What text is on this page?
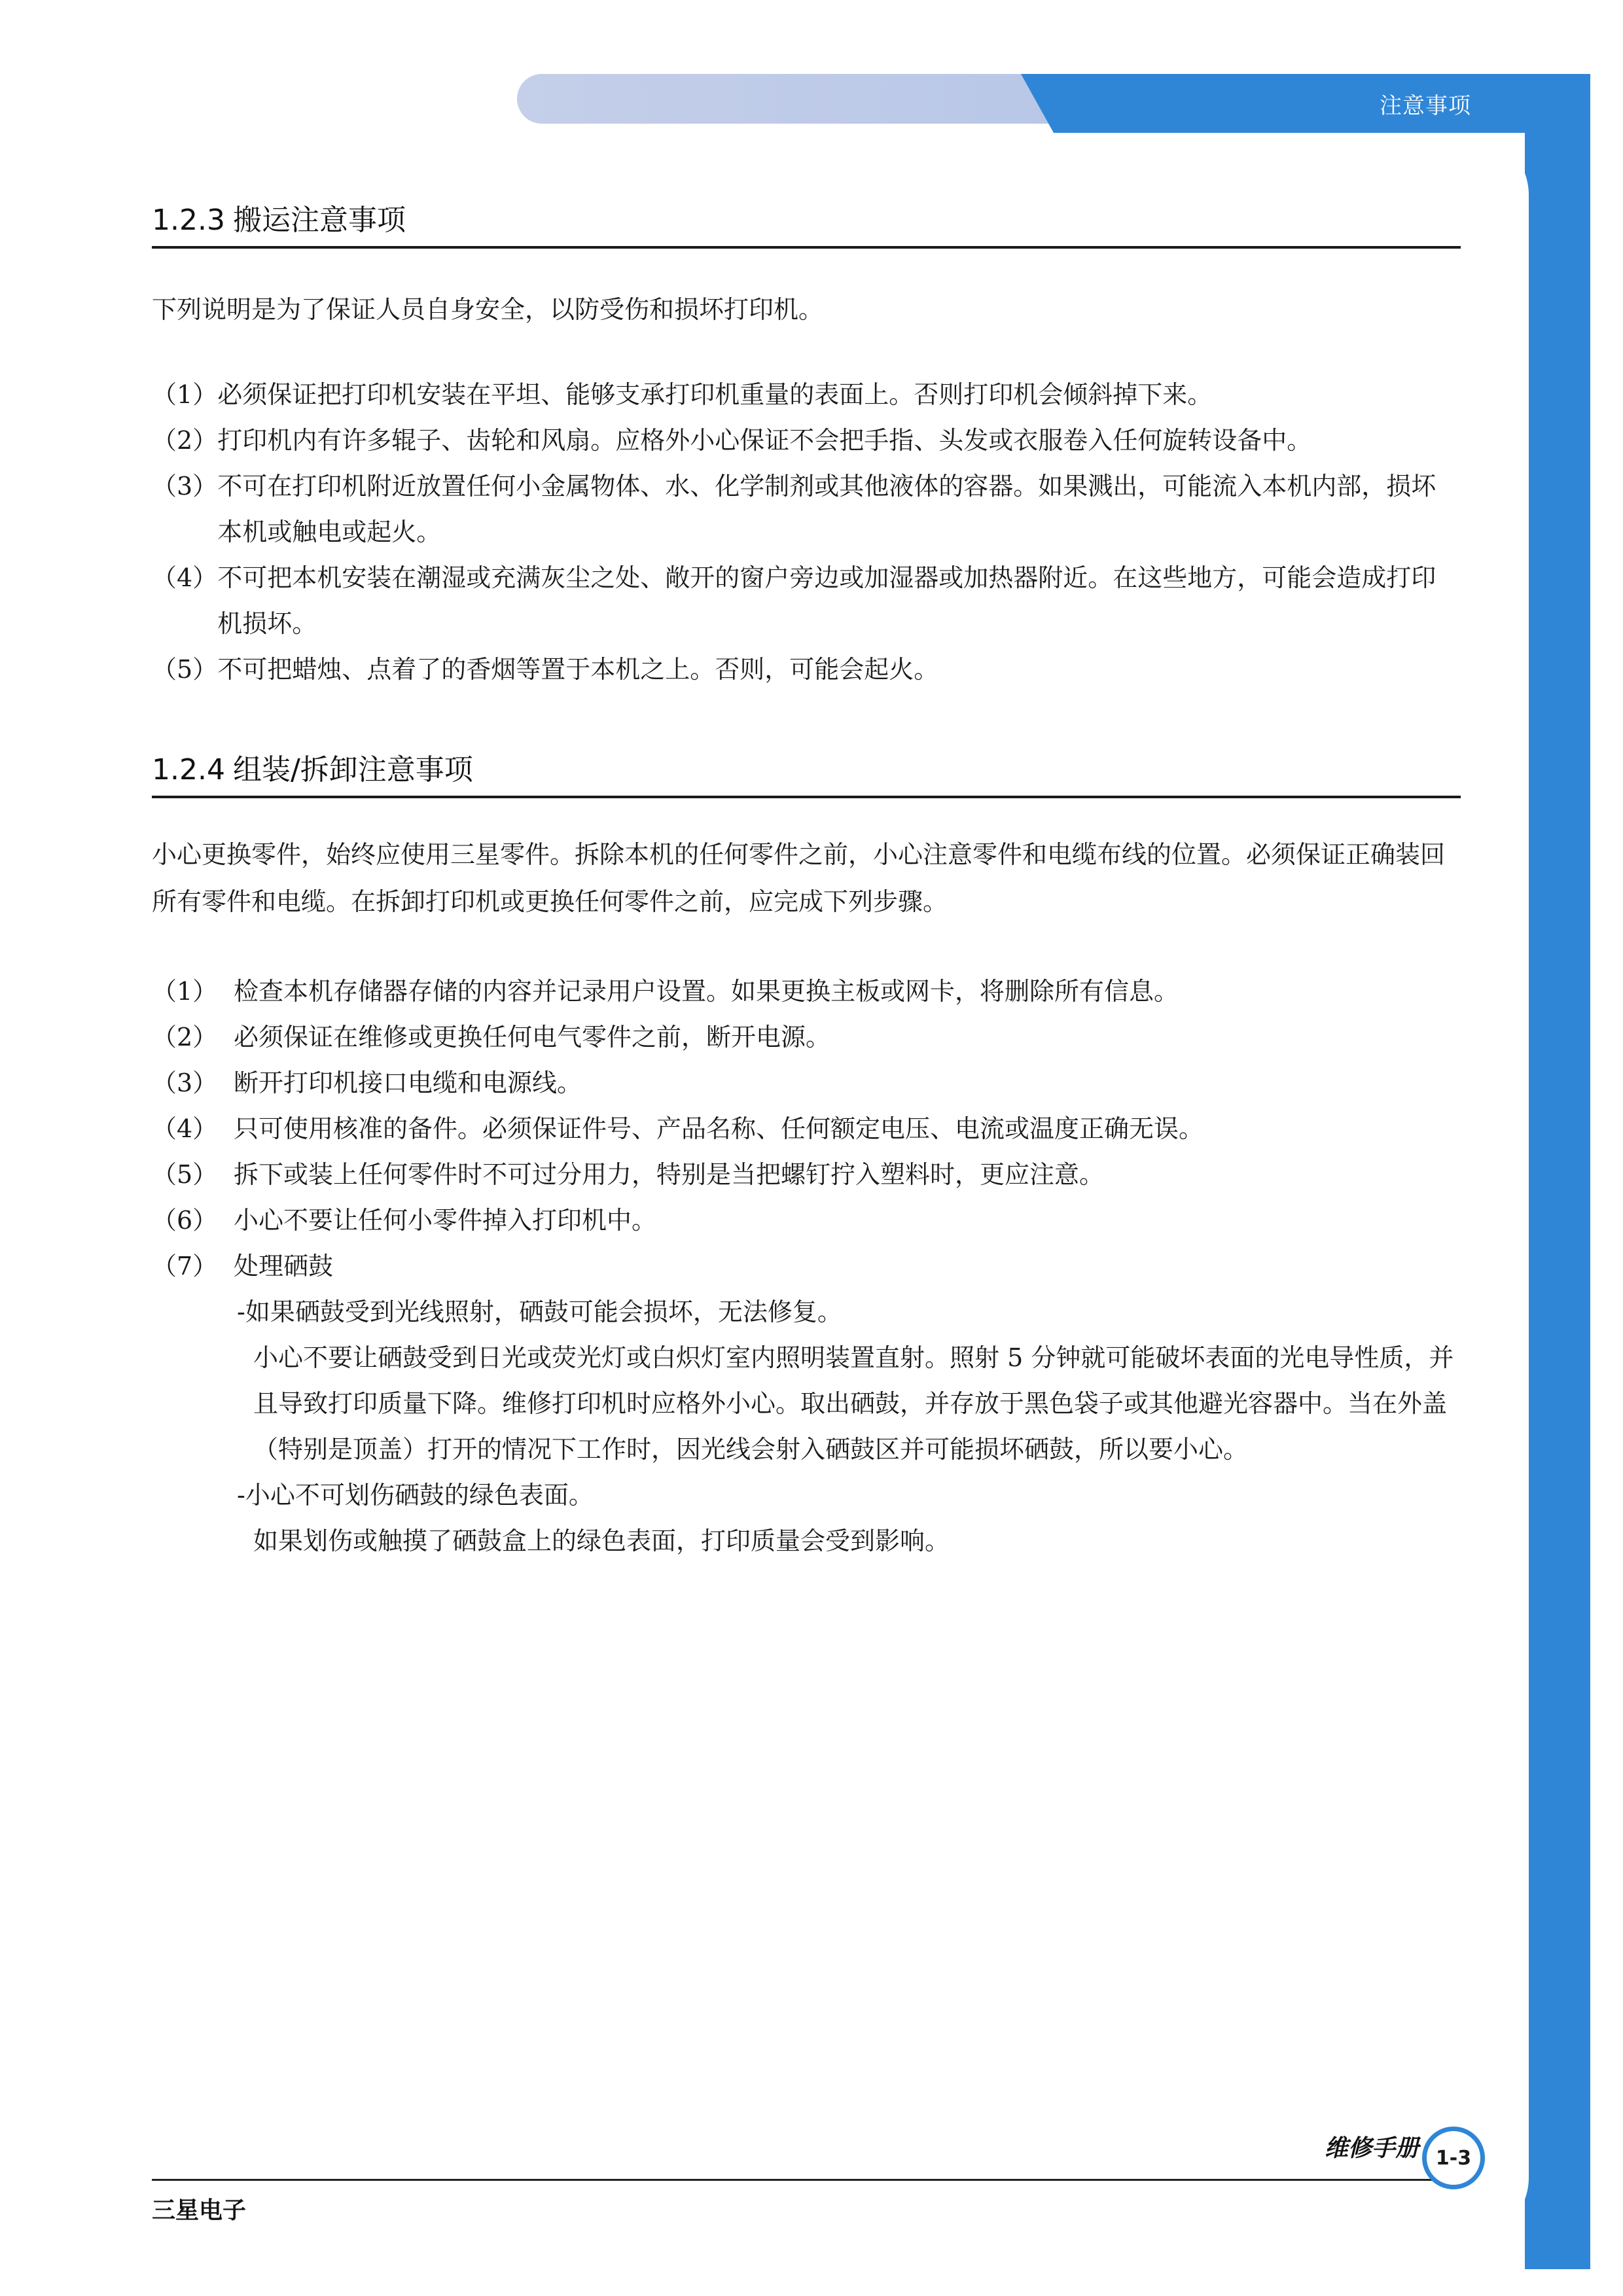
注意事项
1.2.3 搬运注意事项

下列说明是为了保证人员自身安全，以防受伤和损坏打印机。

（1） 必须保证把打印机安装在平坦、能够支承打印机重量的表面上。否则打印机会倾斜掉下来。
（2） 打印机内有许多辊子、齿轮和风扇。应格外小心保证不会把手指、头发或衣服卷入任何旋转设备中。
（3） 不可在打印机附近放置任何小金属物体、水、化学制剂或其他液体的容器。如果溅出，可能流入本机内部，损坏本机或触电或起火。
（4） 不可把本机安装在潮湿或充满灰尘之处、敞开的窗户旁边或加湿器或加热器附近。在这些地方，可能会造成打印机损坏。
（5） 不可把蜡烛、点着了的香烟等置于本机之上。否则，可能会起火。
1.2.4 组装/拆卸注意事项

小心更换零件，始终应使用三星零件。拆除本机的任何零件之前，小心注意零件和电缆布线的位置。必须保证正确装回所有零件和电缆。在拆卸打印机或更换任何零件之前，应完成下列步骤。

（1） 检查本机存储器存储的内容并记录用户设置。如果更换主板或网卡，将删除所有信息。
（2） 必须保证在维修或更换任何电气零件之前，断开电源。
（3） 断开打印机接口电缆和电源线。
（4） 只可使用核准的备件。必须保证件号、产品名称、任何额定电压、电流或温度正确无误。
（5） 拆下或装上任何零件时不可过分用力，特别是当把螺钉拧入塑料时，更应注意。
（6） 小心不要让任何小零件掉入打印机中。
（7） 处理硒鼓
-如果硒鼓受到光线照射，硒鼓可能会损坏，无法修复。
小心不要让硒鼓受到日光或荧光灯或白炽灯室内照明装置直射。照射 5 分钟就可能破坏表面的光电导性质，并且导致打印质量下降。维修打印机时应格外小心。取出硒鼓，并存放于黑色袋子或其他避光容器中。当在外盖（特别是顶盖）打开的情况下工作时，因光线会射入硒鼓区并可能损坏硒鼓，所以要小心。
-小心不可划伤硒鼓的绿色表面。
如果划伤或触摸了硒鼓盒上的绿色表面，打印质量会受到影响。
维修手册
三星电子
1-3
